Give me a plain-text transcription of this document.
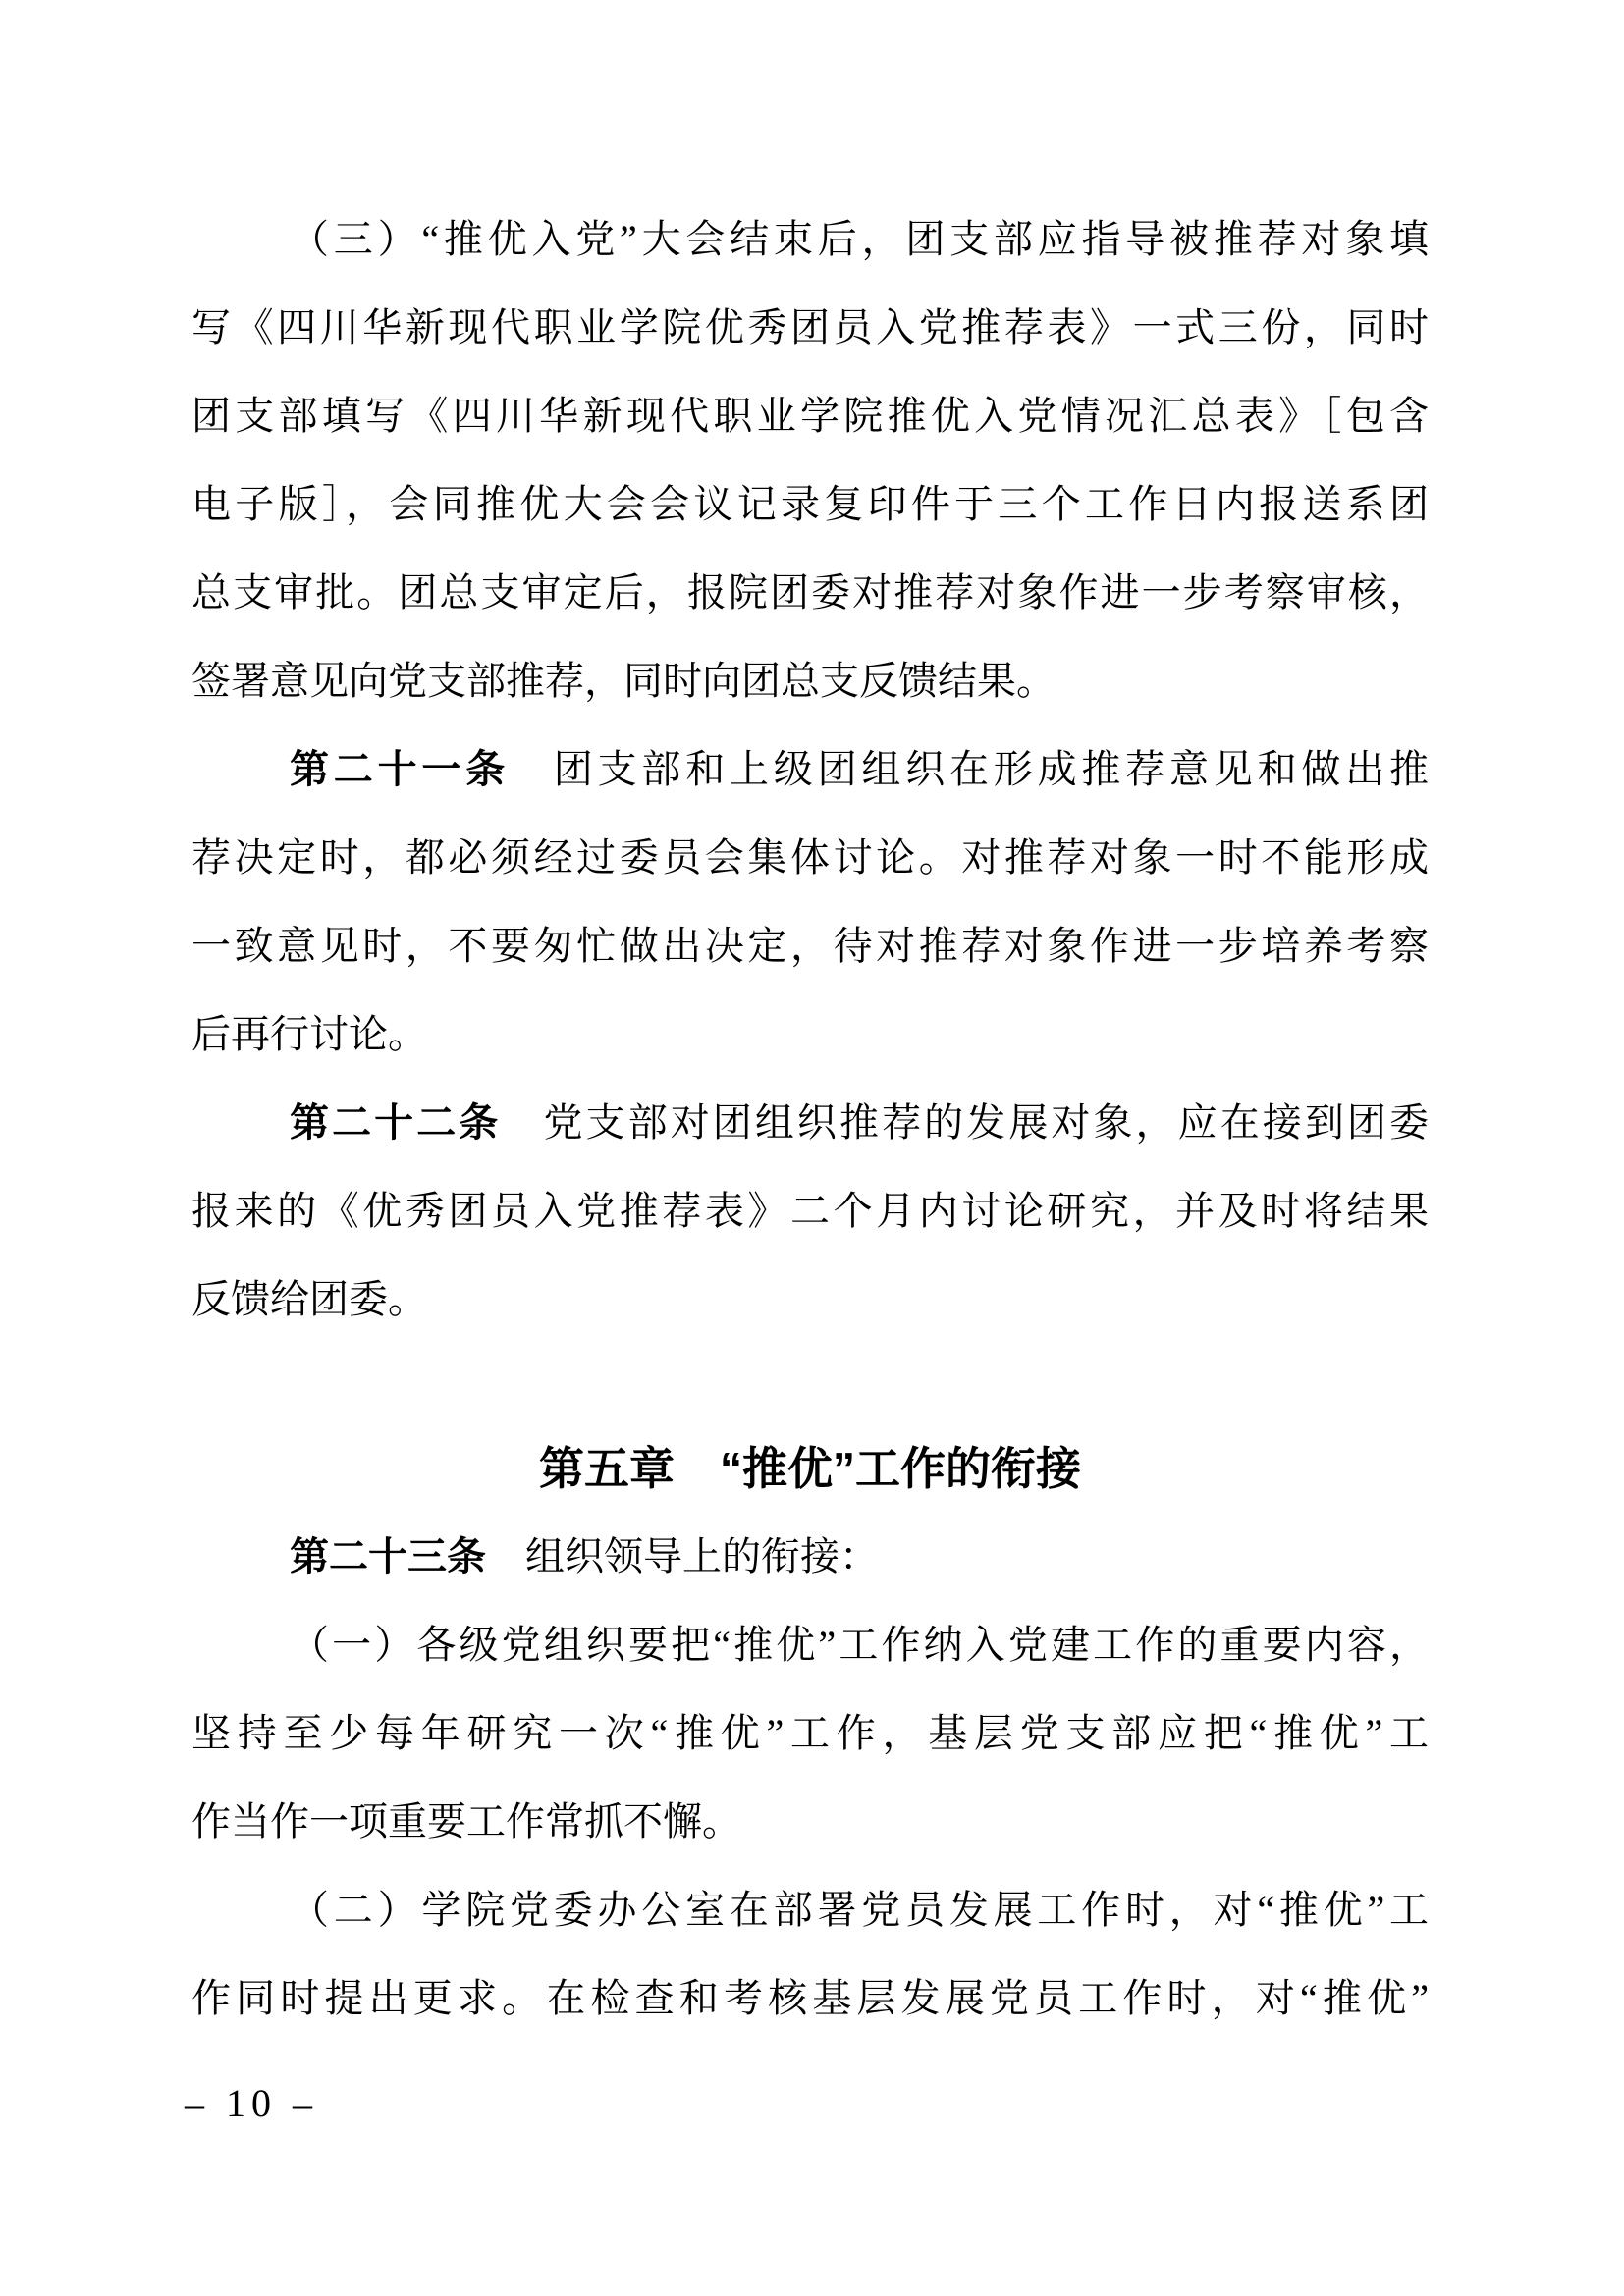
（三）“推优入党”大会结束后，团支部应指导被推荐对象填
写《四川华新现代职业学院优秀团员入党推荐表》一式三份，同时
团支部填写《四川华新现代职业学院推优入党情况汇总表》［包含
电子版］，会同推优大会会议记录复印件于三个工作日内报送系团
总支审批。团总支审定后，报院团委对推荐对象作进一步考察审核，
签署意见向党支部推荐，同时向团总支反馈结果。
第二十一条　团支部和上级团组织在形成推荐意见和做出推
荐决定时，都必须经过委员会集体讨论。对推荐对象一时不能形成
一致意见时，不要匆忙做出决定，待对推荐对象作进一步培养考察
后再行讨论。
第二十二条　党支部对团组织推荐的发展对象，应在接到团委
报来的《优秀团员入党推荐表》二个月内讨论研究，并及时将结果
反馈给团委。
第五章　“推优”工作的衔接
第二十三条　组织领导上的衔接：
（一）各级党组织要把“推优”工作纳入党建工作的重要内容，
坚持至少每年研究一次“推优”工作，基层党支部应把“推优”工
作当作一项重要工作常抓不懈。
（二）学院党委办公室在部署党员发展工作时，对“推优”工
作同时提出更求。在检查和考核基层发展党员工作时，对“推优”
– 10 –
